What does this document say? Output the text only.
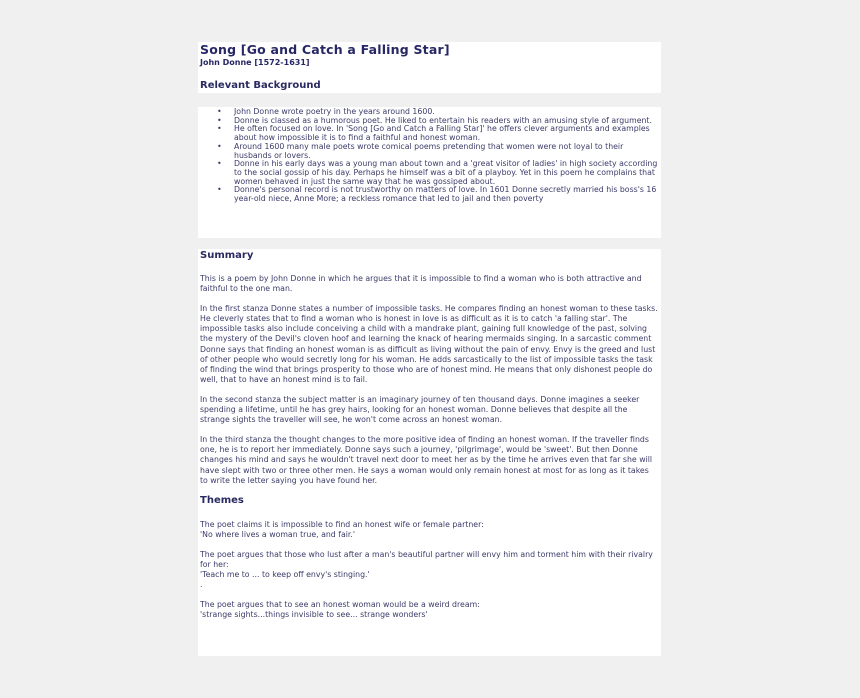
Song [Go and Catch a Falling Star]
John Donne [1572-1631]
Relevant Background
• John Donne wrote poetry in the years around 1600.
• Donne is classed as a humorous poet. He liked to entertain his readers with an amusing style of argument.
• He often focused on love. In 'Song [Go and Catch a Falling Star]' he offers clever arguments and examples about how impossible it is to find a faithful and honest woman.
• Around 1600 many male poets wrote comical poems pretending that women were not loyal to their husbands or lovers.
• Donne in his early days was a young man about town and a 'great visitor of ladies' in high society according to the social gossip of his day. Perhaps he himself was a bit of a playboy. Yet in this poem he complains that women behaved in just the same way that he was gossiped about.
• Donne's personal record is not trustworthy on matters of love. In 1601 Donne secretly married his boss's 16 year-old niece, Anne More; a reckless romance that led to jail and then poverty
Summary

This is a poem by John Donne in which he argues that it is impossible to find a woman who is both attractive and faithful to the one man.

In the first stanza Donne states a number of impossible tasks. He compares finding an honest woman to these tasks. He cleverly states that to find a woman who is honest in love is as difficult as it is to catch 'a falling star'. The impossible tasks also include conceiving a child with a mandrake plant, gaining full knowledge of the past, solving the mystery of the Devil's cloven hoof and learning the knack of hearing mermaids singing. In a sarcastic comment Donne says that finding an honest woman is as difficult as living without the pain of envy. Envy is the greed and lust of other people who would secretly long for his woman. He adds sarcastically to the list of impossible tasks the task of finding the wind that brings prosperity to those who are of honest mind. He means that only dishonest people do well, that to have an honest mind is to fail.

In the second stanza the subject matter is an imaginary journey of ten thousand days. Donne imagines a seeker spending a lifetime, until he has grey hairs, looking for an honest woman. Donne believes that despite all the strange sights the traveller will see, he won't come across an honest woman.

In the third stanza the thought changes to the more positive idea of finding an honest woman. If the traveller finds one, he is to report her immediately. Donne says such a journey, 'pilgrimage', would be 'sweet'. But then Donne changes his mind and says he wouldn't travel next door to meet her as by the time he arrives even that far she will have slept with two or three other men. He says a woman would only remain honest at most for as long as it takes to write the letter saying you have found her.

Themes

The poet claims it is impossible to find an honest wife or female partner:

'No where lives a woman true, and fair.'

The poet argues that those who lust after a man's beautiful partner will envy him and torment him with their rivalry for her:

'Teach me to ... to keep off envy's stinging.'

.

The poet argues that to see an honest woman would be a weird dream:

'strange sights...things invisible to see... strange wonders'
